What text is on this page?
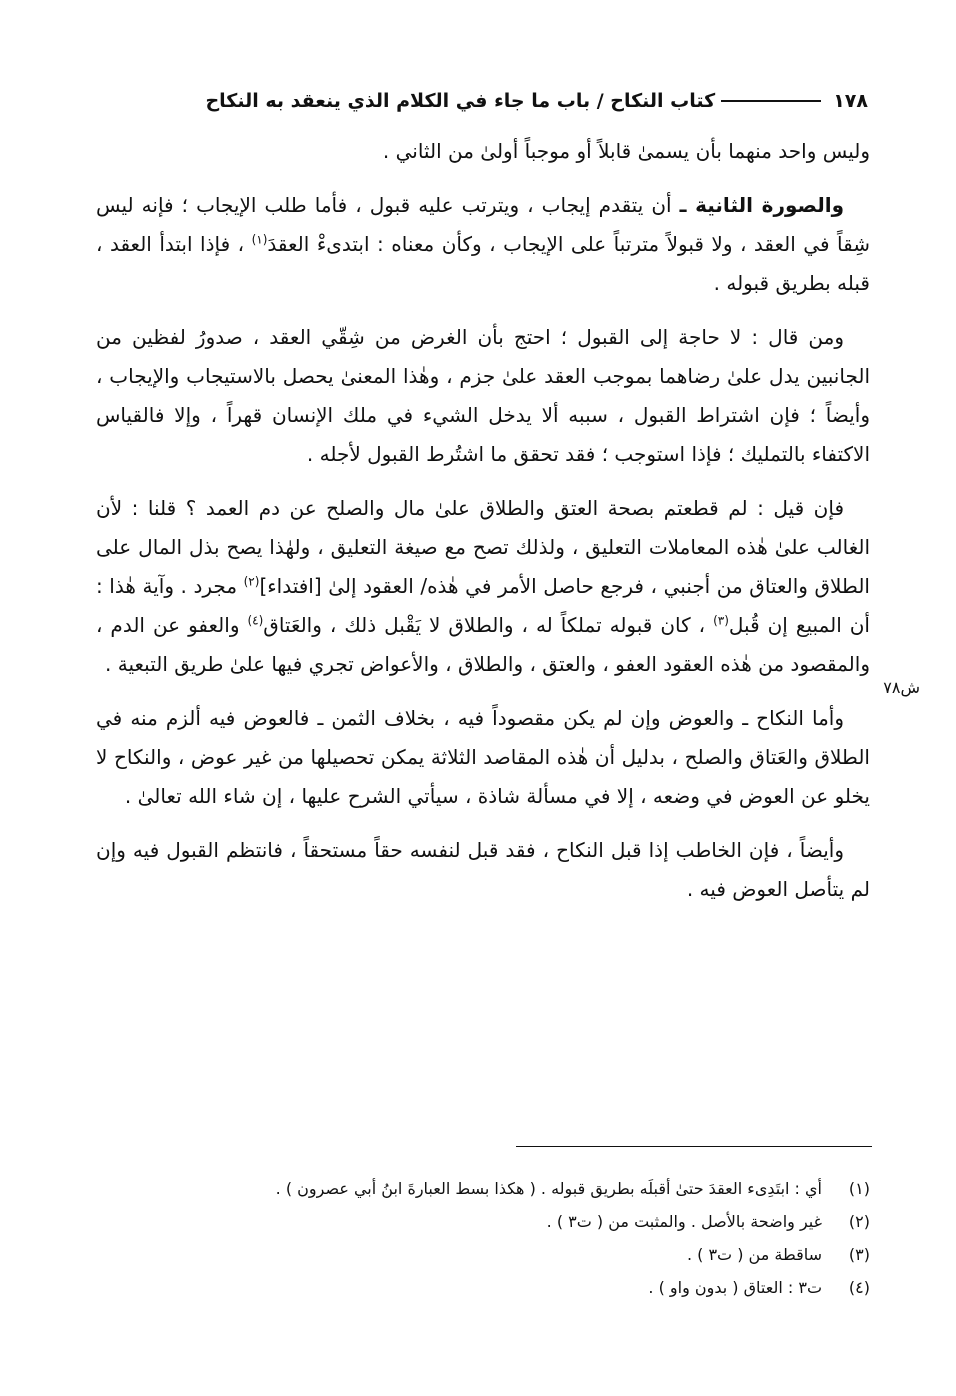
١٧٨
كتاب النكاح / باب ما جاء في الكلام الذي ينعقد به النكاح
ش٧٨

وليس واحد منهما بأن يسمىٰ قابلاً أو موجباً أولىٰ من الثاني .

والصورة الثانية ـ أن يتقدم إيجاب ، ويترتب عليه قبول ، فأما طلب الإيجاب ؛ فإنه ليس شِقاً في العقد ، ولا قبولاً مترتباً على الإيجاب ، وكأن معناه : ابتدىءْ العقدَ$^{(١)}$ ، فإذا ابتدأ العقد ، قبله بطريق قبوله .

ومن قال : لا حاجة إلى القبول ؛ احتج بأن الغرض من شِقّي العقد ، صدورُ لفظين من الجانبين يدل علىٰ رضاهما بموجب العقد علىٰ جزم ، وهٰذا المعنىٰ يحصل بالاستيجاب والإيجاب ، وأيضاً ؛ فإن اشتراط القبول ، سببه ألا يدخل الشيء في ملك الإنسان قهراً ، وإلا فالقياس الاكتفاء بالتمليك ؛ فإذا استوجب ؛ فقد تحقق ما اشتُرط القبول لأجله .

فإن قيل : لم قطعتم بصحة العتق والطلاق علىٰ مال والصلح عن دم العمد ؟ قلنا : لأن الغالب علىٰ هٰذه المعاملات التعليق ، ولذلك تصح مع صيغة التعليق ، ولهٰذا يصح بذل المال على الطلاق والعتاق من أجنبي ، فرجع حاصل الأمر في هٰذه/ العقود إلىٰ [افتداء]$^{(٢)}$ مجرد . وآية هٰذا : أن المبيع إن قُبل$^{(٣)}$ ، كان قبوله تملكاً له ، والطلاق لا يَقْبل ذلك ، والعَتاق$^{(٤)}$ والعفو عن الدم ، والمقصود من هٰذه العقود العفو ، والعتق ، والطلاق ، والأعواض تجري فيها علىٰ طريق التبعية .

وأما النكاح ـ والعوض وإن لم يكن مقصوداً فيه ، بخلاف الثمن ـ فالعوض فيه ألزم منه في الطلاق والعَتاق والصلح ، بدليل أن هٰذه المقاصد الثلاثة يمكن تحصيلها من غير عوض ، والنكاح لا يخلو عن العوض في وضعه ، إلا في مسألة شاذة ، سيأتي الشرح عليها ، إن شاء الله تعالىٰ .

وأيضاً ، فإن الخاطب إذا قبل النكاح ، فقد قبل لنفسه حقاً مستحقاً ، فانتظم القبول فيه وإن لم يتأصل العوض فيه .

(١)
أي : ابتَدِىء العقدَ حتىٰ أقبلَه بطريق قبوله . ( هكذا بسط العبارةَ ابنُ أبي عصرون ) .
(٢)
غير واضحة بالأصل . والمثبت من ( ت٣ ) .
(٣)
ساقطة من ( ت٣ ) .
(٤)
ت٣ : العتاق ( بدون واو ) .
